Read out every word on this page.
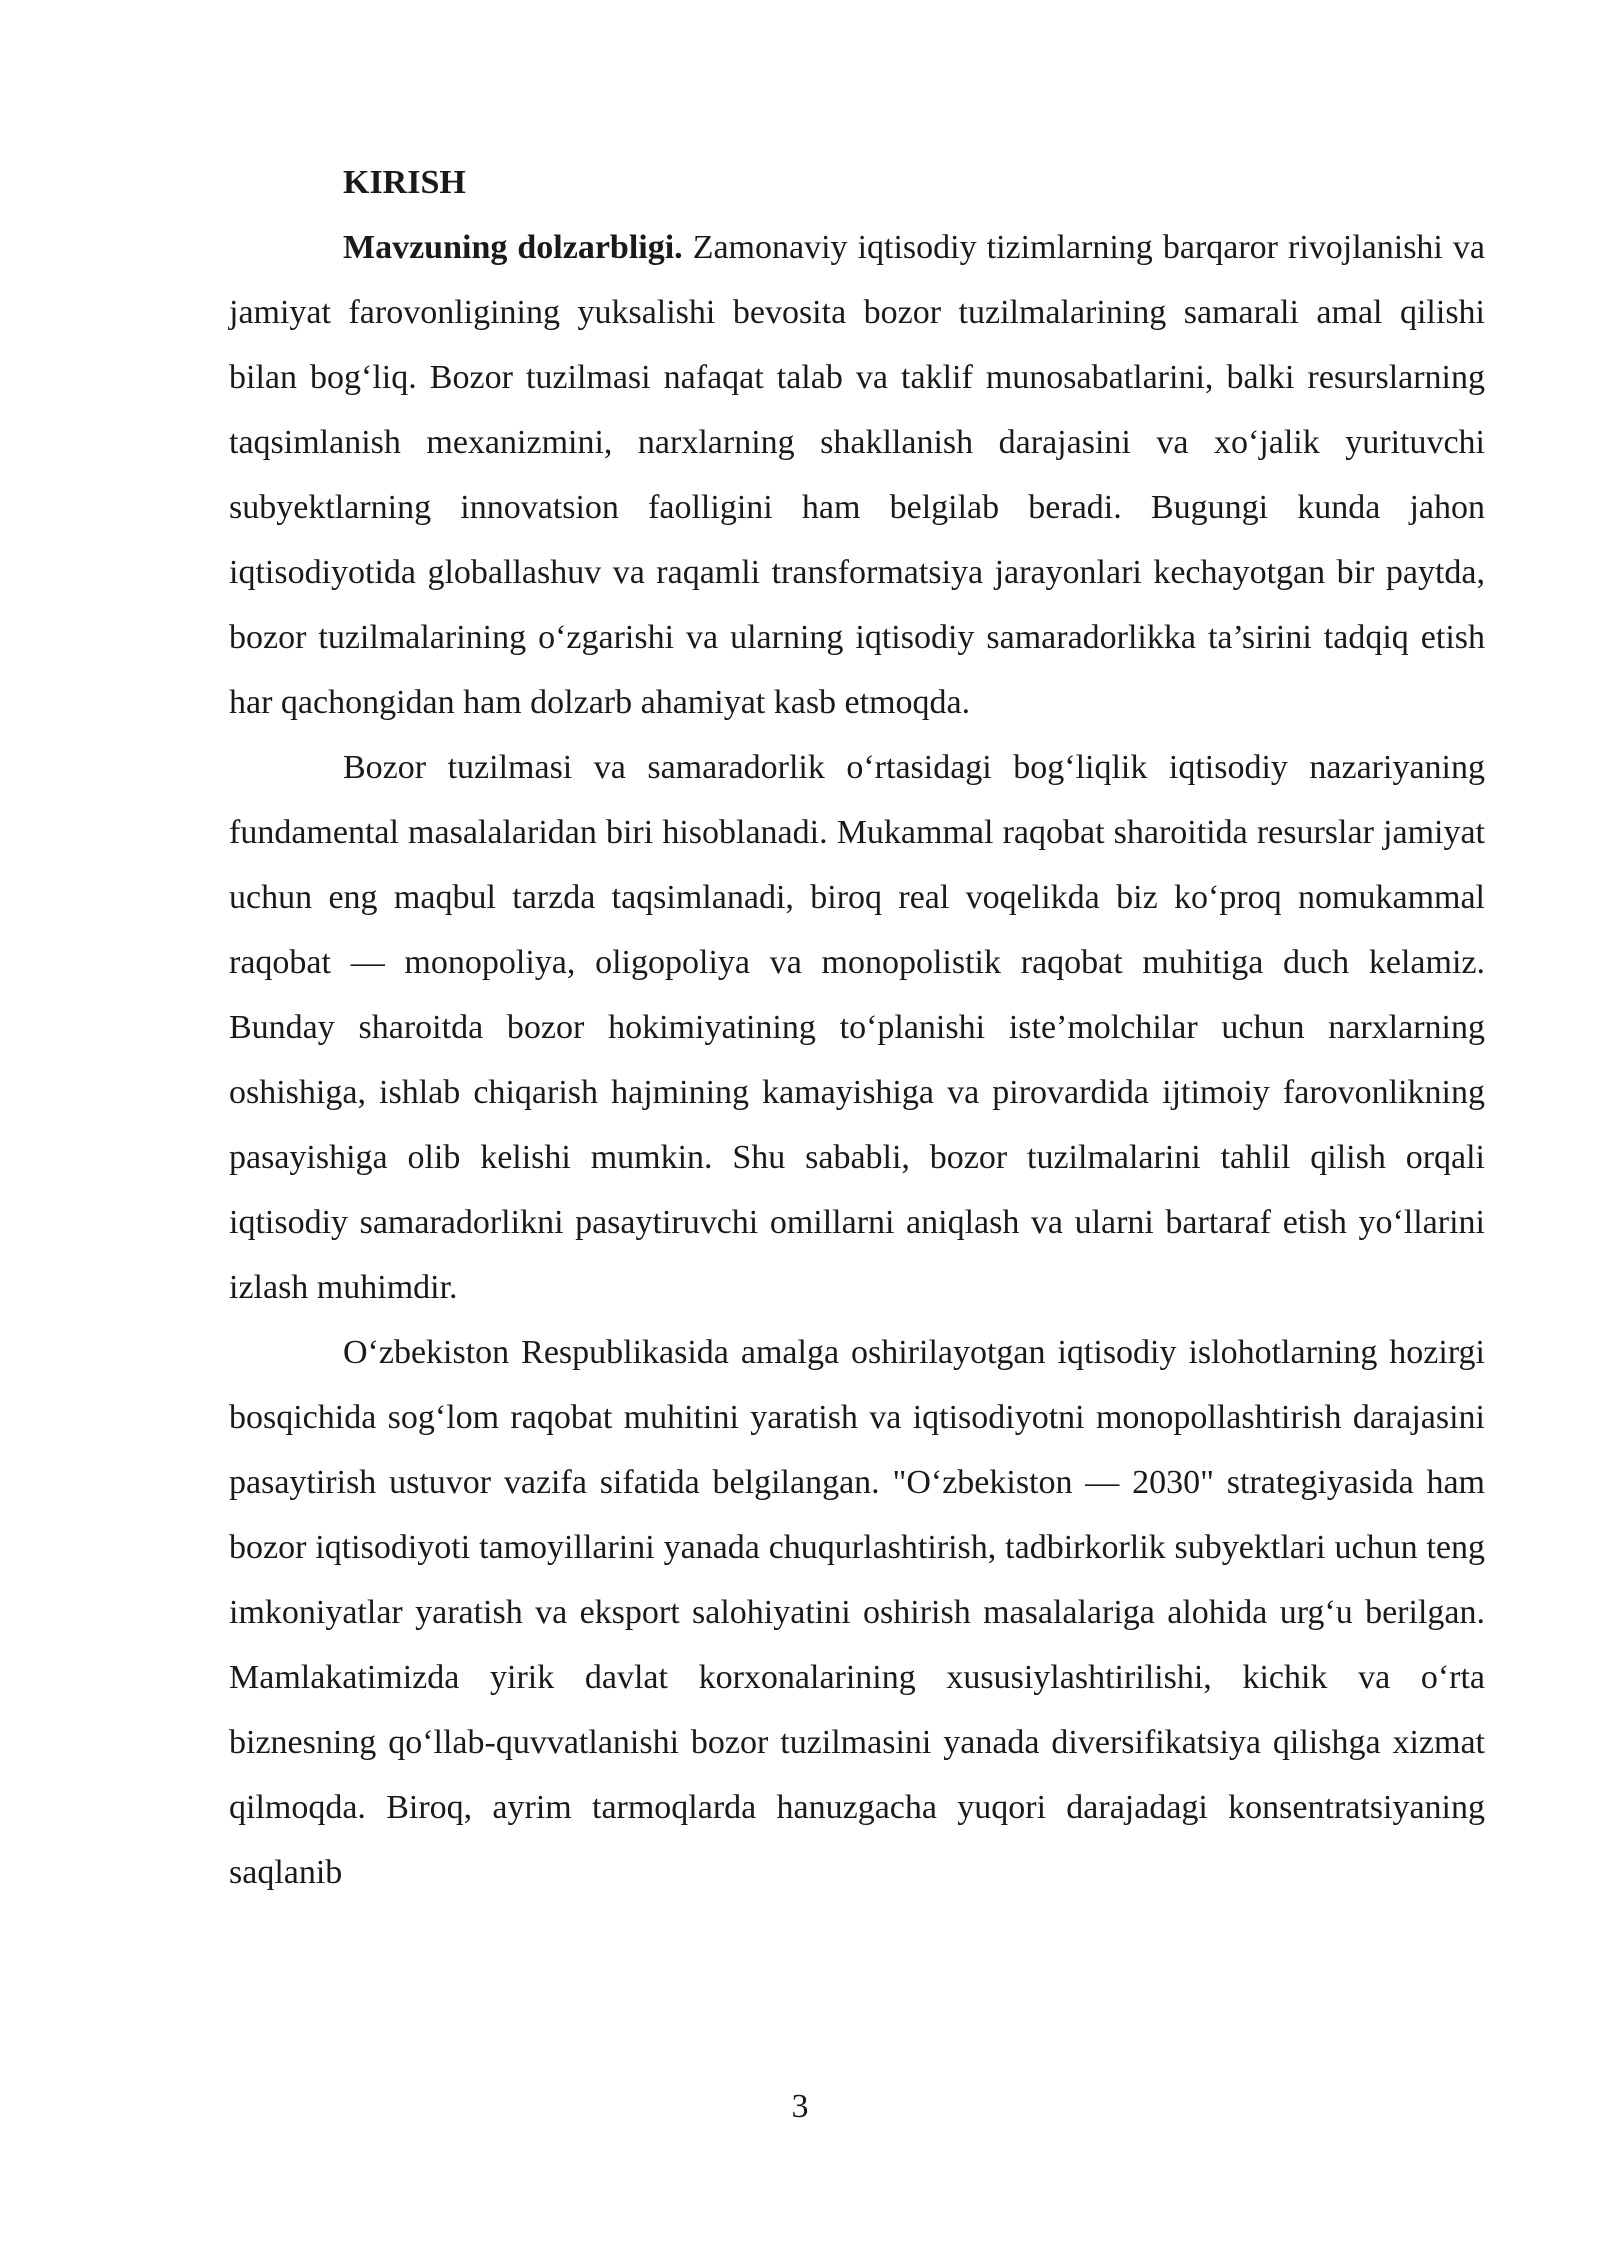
KIRISH

Mavzuning dolzarbligi. Zamonaviy iqtisodiy tizimlarning barqaror rivojlanishi va jamiyat farovonligining yuksalishi bevosita bozor tuzilmalarining samarali amal qilishi bilan bog‘liq. Bozor tuzilmasi nafaqat talab va taklif munosabatlarini, balki resurslarning taqsimlanish mexanizmini, narxlarning shakllanish darajasini va xo‘jalik yurituvchi subyektlarning innovatsion faolligini ham belgilab beradi. Bugungi kunda jahon iqtisodiyotida globallashuv va raqamli transformatsiya jarayonlari kechayotgan bir paytda, bozor tuzilmalarining o‘zgarishi va ularning iqtisodiy samaradorlikka ta’sirini tadqiq etish har qachongidan ham dolzarb ahamiyat kasb etmoqda.

Bozor tuzilmasi va samaradorlik o‘rtasidagi bog‘liqlik iqtisodiy nazariyaning fundamental masalalaridan biri hisoblanadi. Mukammal raqobat sharoitida resurslar jamiyat uchun eng maqbul tarzda taqsimlanadi, biroq real voqelikda biz ko‘proq nomukammal raqobat — monopoliya, oligopoliya va monopolistik raqobat muhitiga duch kelamiz. Bunday sharoitda bozor hokimiyatining to‘planishi iste’molchilar uchun narxlarning oshishiga, ishlab chiqarish hajmining kamayishiga va pirovardida ijtimoiy farovonlikning pasayishiga olib kelishi mumkin. Shu sababli, bozor tuzilmalarini tahlil qilish orqali iqtisodiy samaradorlikni pasaytiruvchi omillarni aniqlash va ularni bartaraf etish yo‘llarini izlash muhimdir.

O‘zbekiston Respublikasida amalga oshirilayotgan iqtisodiy islohotlarning hozirgi bosqichida sog‘lom raqobat muhitini yaratish va iqtisodiyotni monopollashtirish darajasini pasaytirish ustuvor vazifa sifatida belgilangan. "O‘zbekiston — 2030" strategiyasida ham bozor iqtisodiyoti tamoyillarini yanada chuqurlashtirish, tadbirkorlik subyektlari uchun teng imkoniyatlar yaratish va eksport salohiyatini oshirish masalalariga alohida urg‘u berilgan. Mamlakatimizda yirik davlat korxonalarining xususiylashtirilishi, kichik va o‘rta biznesning qo‘llab-quvvatlanishi bozor tuzilmasini yanada diversifikatsiya qilishga xizmat qilmoqda. Biroq, ayrim tarmoqlarda hanuzgacha yuqori darajadagi konsentratsiyaning saqlanib

3
